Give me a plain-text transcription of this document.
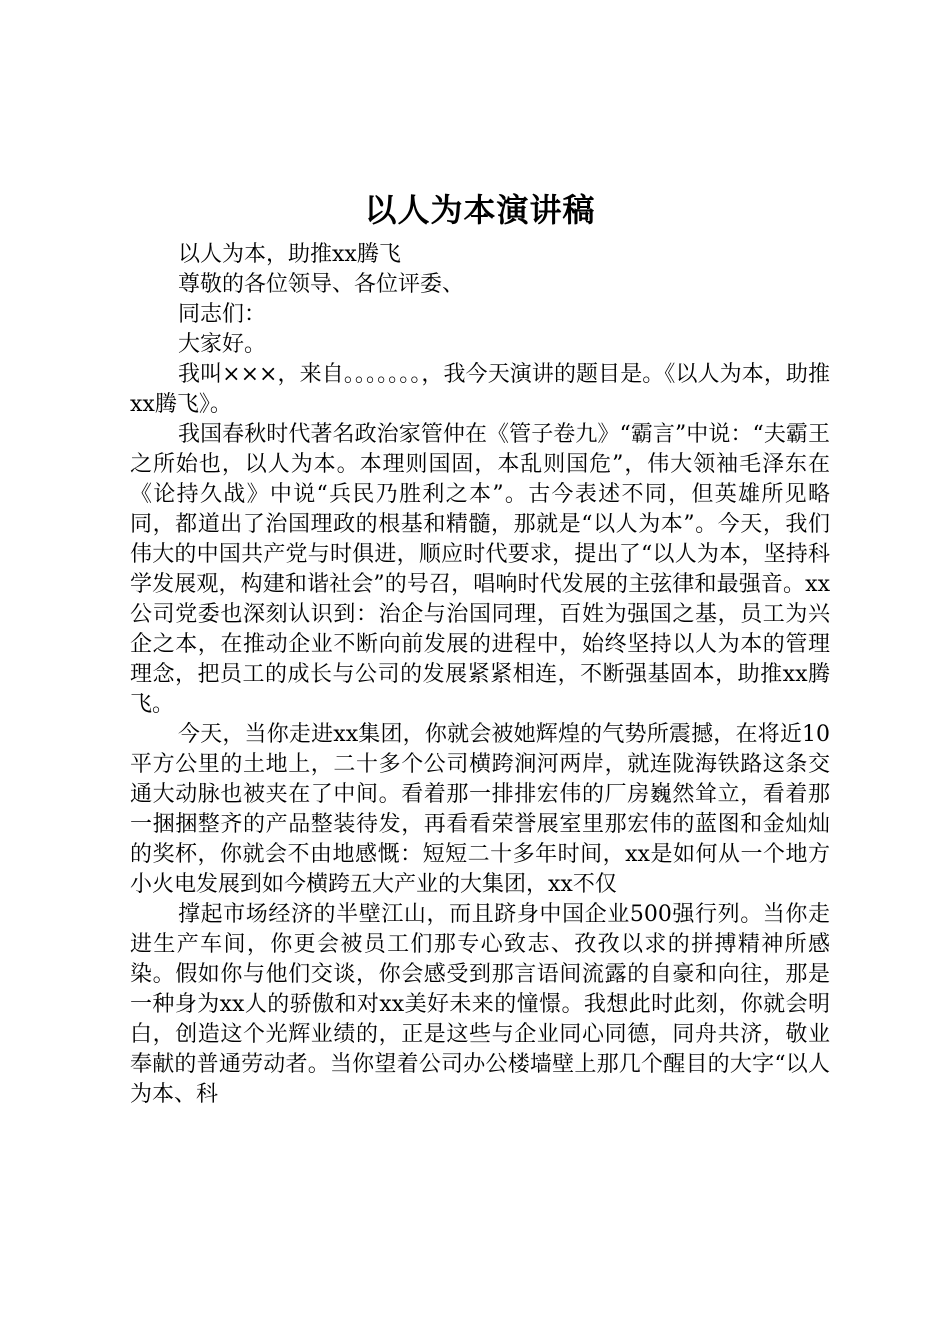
以人为本演讲稿

以人为本，助推xx腾飞

尊敬的各位领导、各位评委、

同志们：

大家好。

我叫×××，来自。。。。。。。，我今天演讲的题目是。《以人为本，助推xx腾飞》。

我国春秋时代著名政治家管仲在《管子卷九》“霸言”中说：“夫霸王之所始也，以人为本。本理则国固，本乱则国危”，伟大领袖毛泽东在《论持久战》中说“兵民乃胜利之本”。古今表述不同，但英雄所见略同，都道出了治国理政的根基和精髓，那就是“以人为本”。今天，我们伟大的中国共产党与时俱进，顺应时代要求，提出了“以人为本，坚持科学发展观，构建和谐社会”的号召，唱响时代发展的主弦律和最强音。xx公司党委也深刻认识到：治企与治国同理，百姓为强国之基，员工为兴企之本，在推动企业不断向前发展的进程中，始终坚持以人为本的管理理念，把员工的成长与公司的发展紧紧相连，不断强基固本，助推xx腾飞。

今天，当你走进xx集团，你就会被她辉煌的气势所震撼，在将近10平方公里的土地上，二十多个公司横跨涧河两岸，就连陇海铁路这条交通大动脉也被夹在了中间。看着那一排排宏伟的厂房巍然耸立，看着那一捆捆整齐的产品整装待发，再看看荣誉展室里那宏伟的蓝图和金灿灿的奖杯，你就会不由地感慨：短短二十多年时间，xx是如何从一个地方小火电发展到如今横跨五大产业的大集团，xx不仅

撑起市场经济的半壁江山，而且跻身中国企业500强行列。当你走进生产车间，你更会被员工们那专心致志、孜孜以求的拼搏精神所感染。假如你与他们交谈，你会感受到那言语间流露的自豪和向往，那是一种身为xx人的骄傲和对xx美好未来的憧憬。我想此时此刻，你就会明白，创造这个光辉业绩的，正是这些与企业同心同德，同舟共济，敬业奉献的普通劳动者。当你望着公司办公楼墙壁上那几个醒目的大字“以人为本、科
